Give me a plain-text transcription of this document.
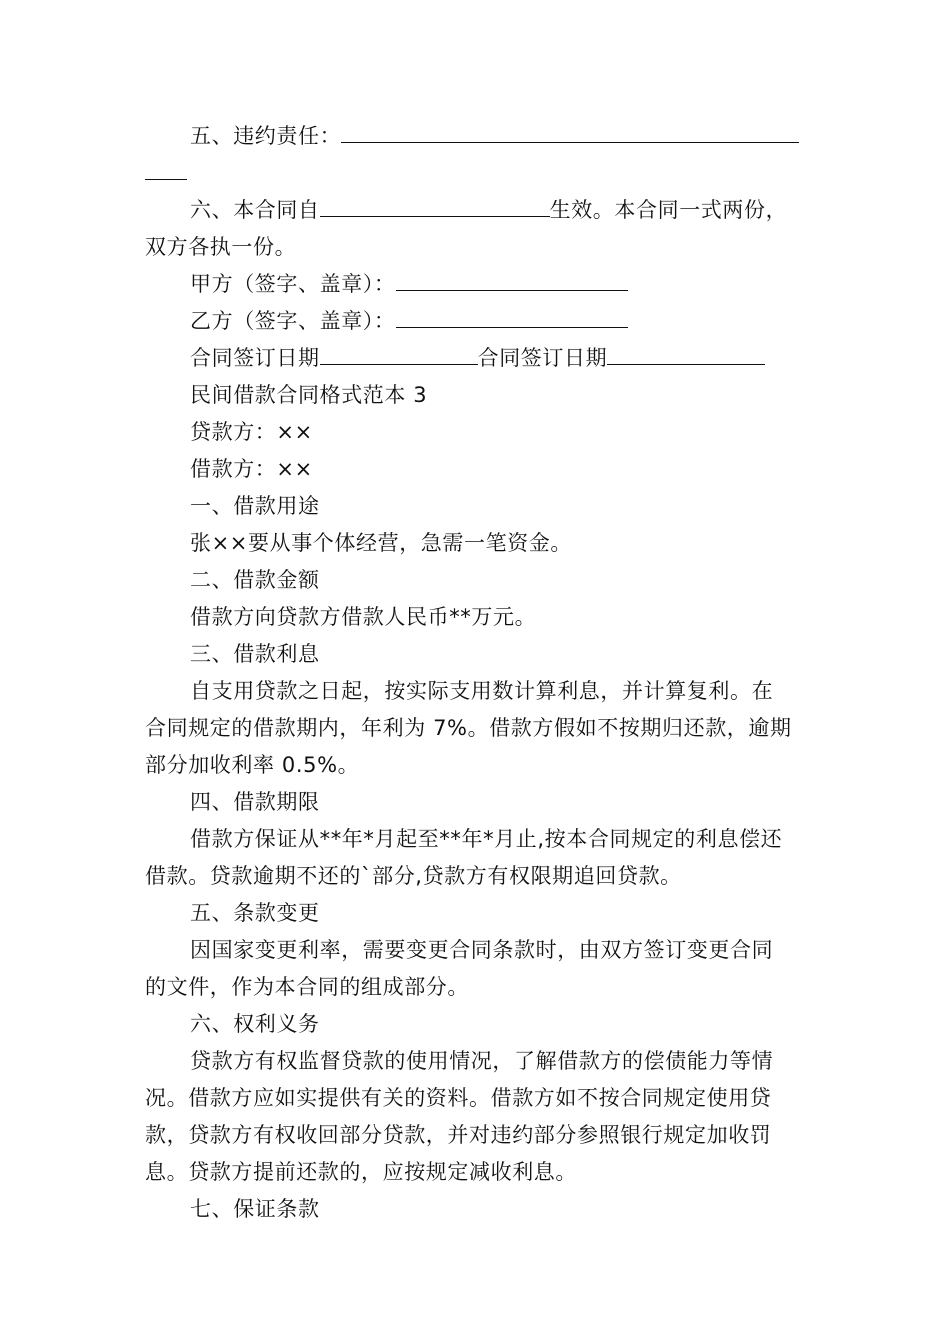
五、违约责任：
六、本合同自	生效。本合同一式两份，
双方各执一份。
甲方（签字、盖章）：
乙方（签字、盖章）：
合同签订日期	合同签订日期
民间借款合同格式范本 3
贷款方：××
借款方：××
一、借款用途
张××要从事个体经营，急需一笔资金。
二、借款金额
借款方向贷款方借款人民币**万元。
三、借款利息
自支用贷款之日起，按实际支用数计算利息，并计算复利。在
合同规定的借款期内，年利为 7%。借款方假如不按期归还款，逾期
部分加收利率 0.5%。
四、借款期限
借款方保证从**年*月起至**年*月止,按本合同规定的利息偿还
借款。贷款逾期不还的`部分,贷款方有权限期追回贷款。
五、条款变更
因国家变更利率，需要变更合同条款时，由双方签订变更合同
的文件，作为本合同的组成部分。
六、权利义务
贷款方有权监督贷款的使用情况，了解借款方的偿债能力等情
况。借款方应如实提供有关的资料。借款方如不按合同规定使用贷
款，贷款方有权收回部分贷款，并对违约部分参照银行规定加收罚
息。贷款方提前还款的，应按规定减收利息。
七、保证条款
